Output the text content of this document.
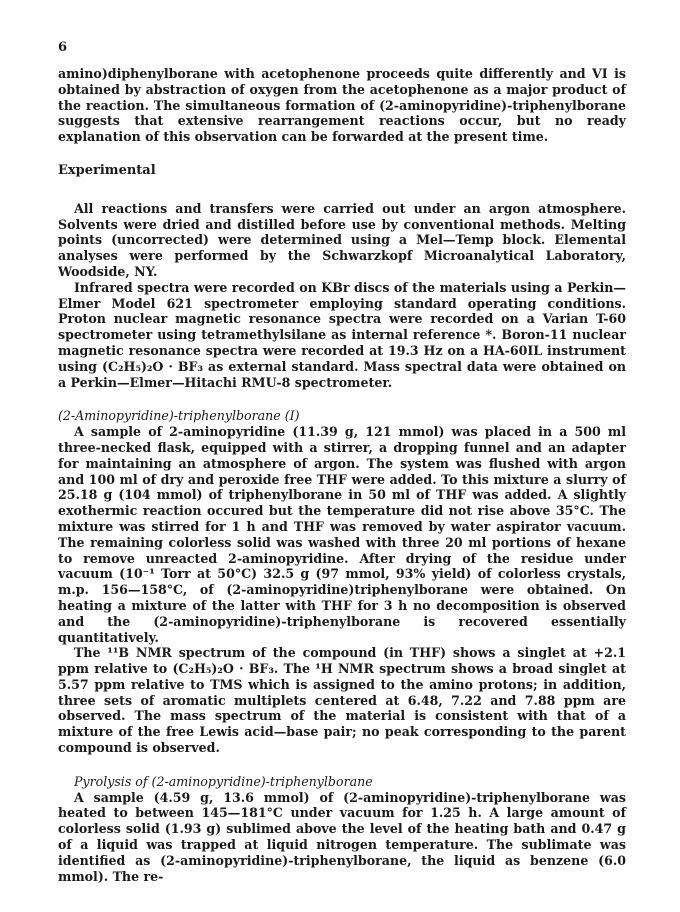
6

amino)diphenylborane with acetophenone proceeds quite differently and VI is obtained by abstraction of oxygen from the acetophenone as a major product of the reaction. The simultaneous formation of (2-aminopyridine)-triphenylborane suggests that extensive rearrangement reactions occur, but no ready explanation of this observation can be forwarded at the present time.

Experimental

All reactions and transfers were carried out under an argon atmosphere. Solvents were dried and distilled before use by conventional methods. Melting points (uncorrected) were determined using a Mel—Temp block. Elemental analyses were performed by the Schwarzkopf Microanalytical Laboratory, Woodside, NY.

Infrared spectra were recorded on KBr discs of the materials using a Perkin—Elmer Model 621 spectrometer employing standard operating conditions. Proton nuclear magnetic resonance spectra were recorded on a Varian T-60 spectrometer using tetramethylsilane as internal reference *. Boron-11 nuclear magnetic resonance spectra were recorded at 19.3 Hz on a HA-60IL instrument using (C₂H₅)₂O · BF₃ as external standard. Mass spectral data were obtained on a Perkin—Elmer—Hitachi RMU-8 spectrometer.

(2-Aminopyridine)-triphenylborane (I)

A sample of 2-aminopyridine (11.39 g, 121 mmol) was placed in a 500 ml three-necked flask, equipped with a stirrer, a dropping funnel and an adapter for maintaining an atmosphere of argon. The system was flushed with argon and 100 ml of dry and peroxide free THF were added. To this mixture a slurry of 25.18 g (104 mmol) of triphenylborane in 50 ml of THF was added. A slightly exothermic reaction occured but the temperature did not rise above 35°C. The mixture was stirred for 1 h and THF was removed by water aspirator vacuum. The remaining colorless solid was washed with three 20 ml portions of hexane to remove unreacted 2-aminopyridine. After drying of the residue under vacuum (10⁻¹ Torr at 50°C) 32.5 g (97 mmol, 93% yield) of colorless crystals, m.p. 156—158°C, of (2-aminopyridine)triphenylborane were obtained. On heating a mixture of the latter with THF for 3 h no decomposition is observed and the (2-aminopyridine)-triphenylborane is recovered essentially quantitatively.

The ¹¹B NMR spectrum of the compound (in THF) shows a singlet at +2.1 ppm relative to (C₂H₅)₂O · BF₃. The ¹H NMR spectrum shows a broad singlet at 5.57 ppm relative to TMS which is assigned to the amino protons; in addition, three sets of aromatic multiplets centered at 6.48, 7.22 and 7.88 ppm are observed. The mass spectrum of the material is consistent with that of a mixture of the free Lewis acid—base pair; no peak corresponding to the parent compound is observed.

Pyrolysis of (2-aminopyridine)-triphenylborane

A sample (4.59 g, 13.6 mmol) of (2-aminopyridine)-triphenylborane was heated to between 145—181°C under vacuum for 1.25 h. A large amount of colorless solid (1.93 g) sublimed above the level of the heating bath and 0.47 g of a liquid was trapped at liquid nitrogen temperature. The sublimate was identified as (2-aminopyridine)-triphenylborane, the liquid as benzene (6.0 mmol). The re-
